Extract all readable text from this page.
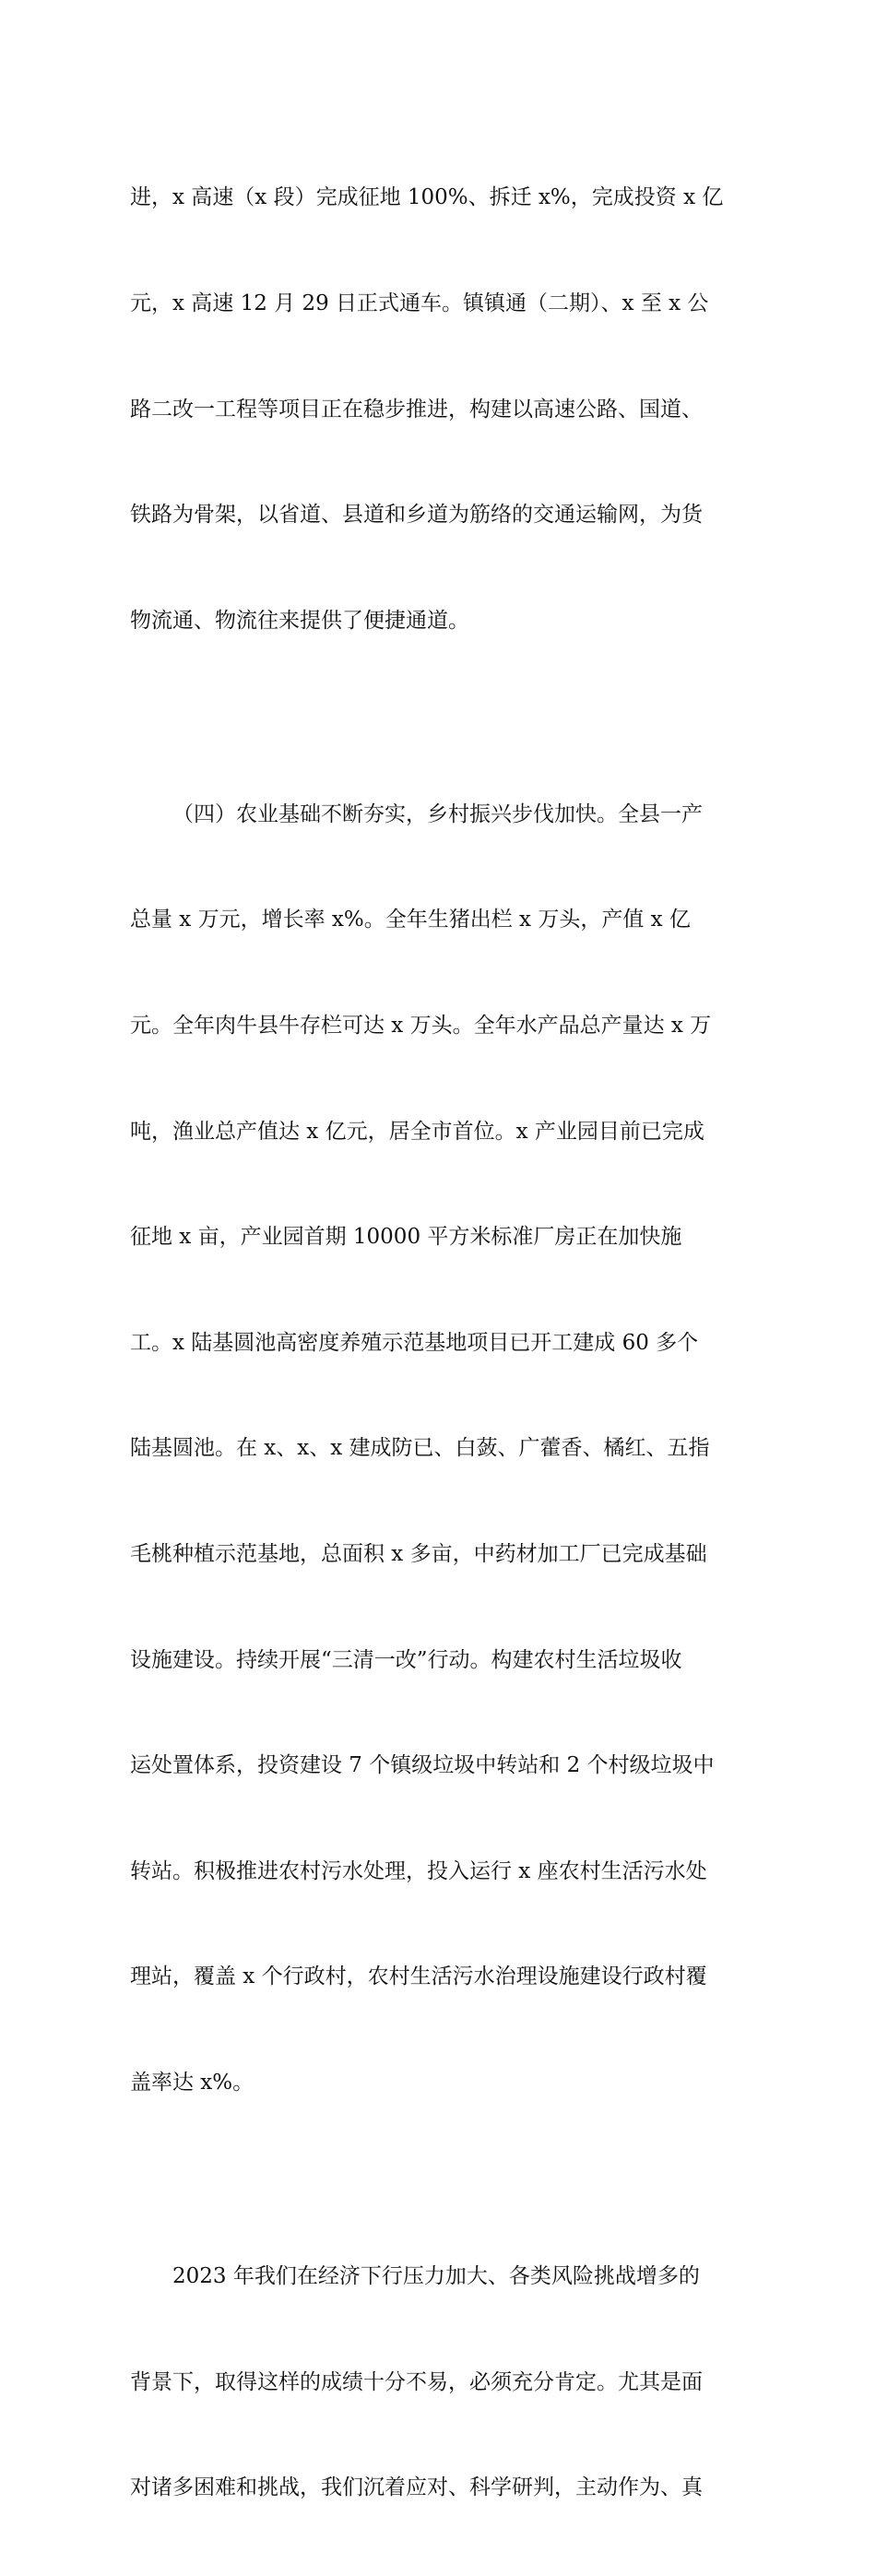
进，x 高速（x 段）完成征地 100%、拆迁 x%，完成投资 x 亿

元，x 高速 12 月 29 日正式通车。镇镇通（二期）、x 至 x 公

路二改一工程等项目正在稳步推进，构建以高速公路、国道、

铁路为骨架，以省道、县道和乡道为筋络的交通运输网，为货

物流通、物流往来提供了便捷通道。

（四）农业基础不断夯实，乡村振兴步伐加快。全县一产

总量 x 万元，增长率 x%。全年生猪出栏 x 万头，产值 x 亿

元。全年肉牛县牛存栏可达 x 万头。全年水产品总产量达 x 万

吨，渔业总产值达 x 亿元，居全市首位。x 产业园目前已完成

征地 x 亩，产业园首期 10000 平方米标准厂房正在加快施

工。x 陆基圆池高密度养殖示范基地项目已开工建成 60 多个

陆基圆池。在 x、x、x 建成防已、白蔹、广藿香、橘红、五指

毛桃种植示范基地，总面积 x 多亩，中药材加工厂已完成基础

设施建设。持续开展“三清一改”行动。构建农村生活垃圾收

运处置体系，投资建设 7 个镇级垃圾中转站和 2 个村级垃圾中

转站。积极推进农村污水处理，投入运行 x 座农村生活污水处

理站，覆盖 x 个行政村，农村生活污水治理设施建设行政村覆

盖率达 x%。

2023 年我们在经济下行压力加大、各类风险挑战增多的

背景下，取得这样的成绩十分不易，必须充分肯定。尤其是面

对诸多困难和挑战，我们沉着应对、科学研判，主动作为、真
